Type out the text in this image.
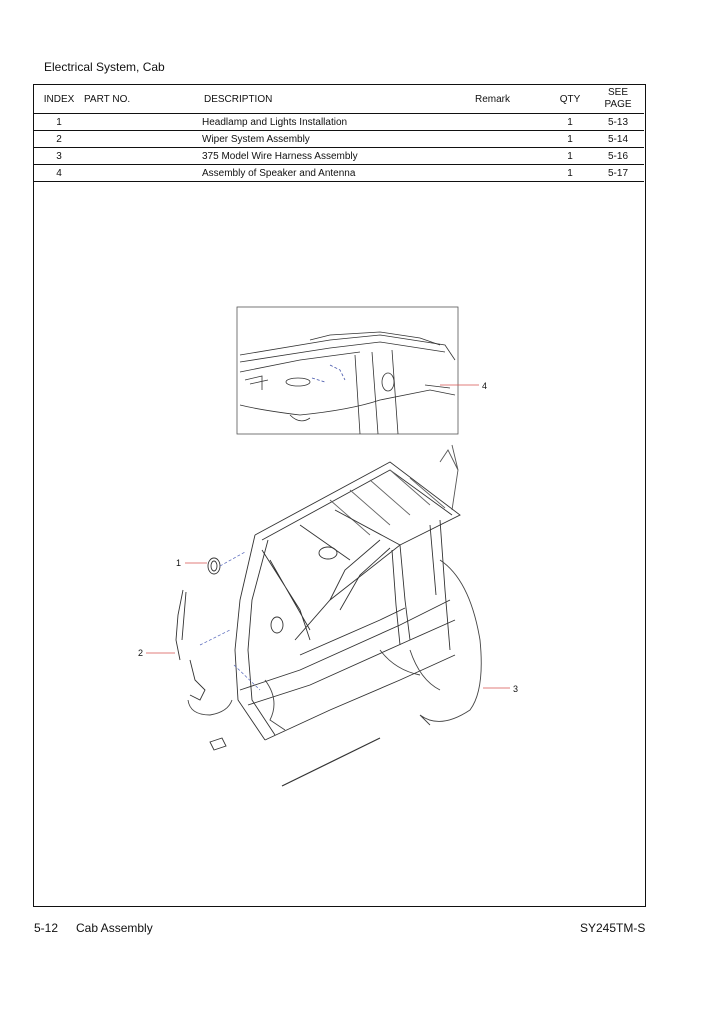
Electrical System, Cab
INDEX	PART NO.	DESCRIPTION	Remark	QTY	SEE
PAGE
1		Headlamp and Lights Installation		1	5-13
2		Wiper System Assembly		1	5-14
3		375 Model Wire Harness Assembly		1	5-16
4		Assembly of Speaker and Antenna		1	5-17
1
2
3
4
5-12 Cab Assembly	SY245TM-S
